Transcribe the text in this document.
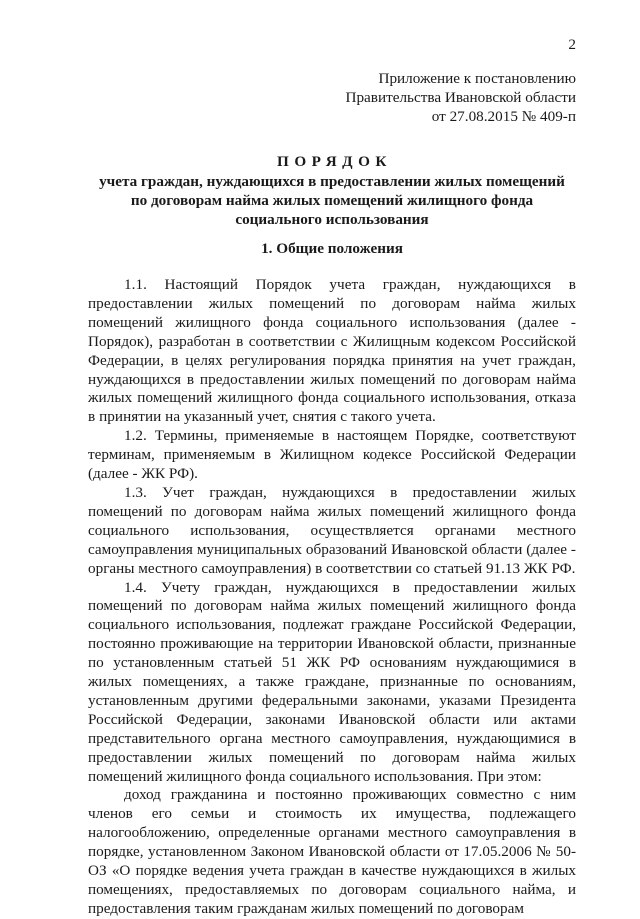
2
Приложение к постановлению
Правительства Ивановской области
от 27.08.2015 № 409-п
ПОРЯДОК
учета граждан, нуждающихся в предоставлении жилых помещений
по договорам найма жилых помещений жилищного фонда
социального использования
1. Общие положения

1.1. Настоящий Порядок учета граждан, нуждающихся в предоставлении жилых помещений по договорам найма жилых помещений жилищного фонда социального использования (далее - Порядок), разработан в соответствии с Жилищным кодексом Российской Федерации, в целях регулирования порядка принятия на учет граждан, нуждающихся в предоставлении жилых помещений по договорам найма жилых помещений жилищного фонда социального использования, отказа в принятии на указанный учет, снятия с такого учета.

1.2. Термины, применяемые в настоящем Порядке, соответствуют терминам, применяемым в Жилищном кодексе Российской Федерации (далее - ЖК РФ).

1.3. Учет граждан, нуждающихся в предоставлении жилых помещений по договорам найма жилых помещений жилищного фонда социального использования, осуществляется органами местного самоуправления муниципальных образований Ивановской области (далее - органы местного самоуправления) в соответствии со статьей 91.13 ЖК РФ.

1.4. Учету граждан, нуждающихся в предоставлении жилых помещений по договорам найма жилых помещений жилищного фонда социального использования, подлежат граждане Российской Федерации, постоянно проживающие на территории Ивановской области, признанные по установленным статьей 51 ЖК РФ основаниям нуждающимися в жилых помещениях, а также граждане, признанные по основаниям, установленным другими федеральными законами, указами Президента Российской Федерации, законами Ивановской области или актами представительного органа местного самоуправления, нуждающимися в предоставлении жилых помещений по договорам найма жилых помещений жилищного фонда социального использования. При этом:

доход гражданина и постоянно проживающих совместно с ним членов его семьи и стоимость их имущества, подлежащего налогообложению, определенные органами местного самоуправления в порядке, установленном Законом Ивановской области от 17.05.2006 № 50-ОЗ «О порядке ведения учета граждан в качестве нуждающихся в жилых помещениях, предоставляемых по договорам социального найма, и предоставления таким гражданам жилых помещений по договорам
